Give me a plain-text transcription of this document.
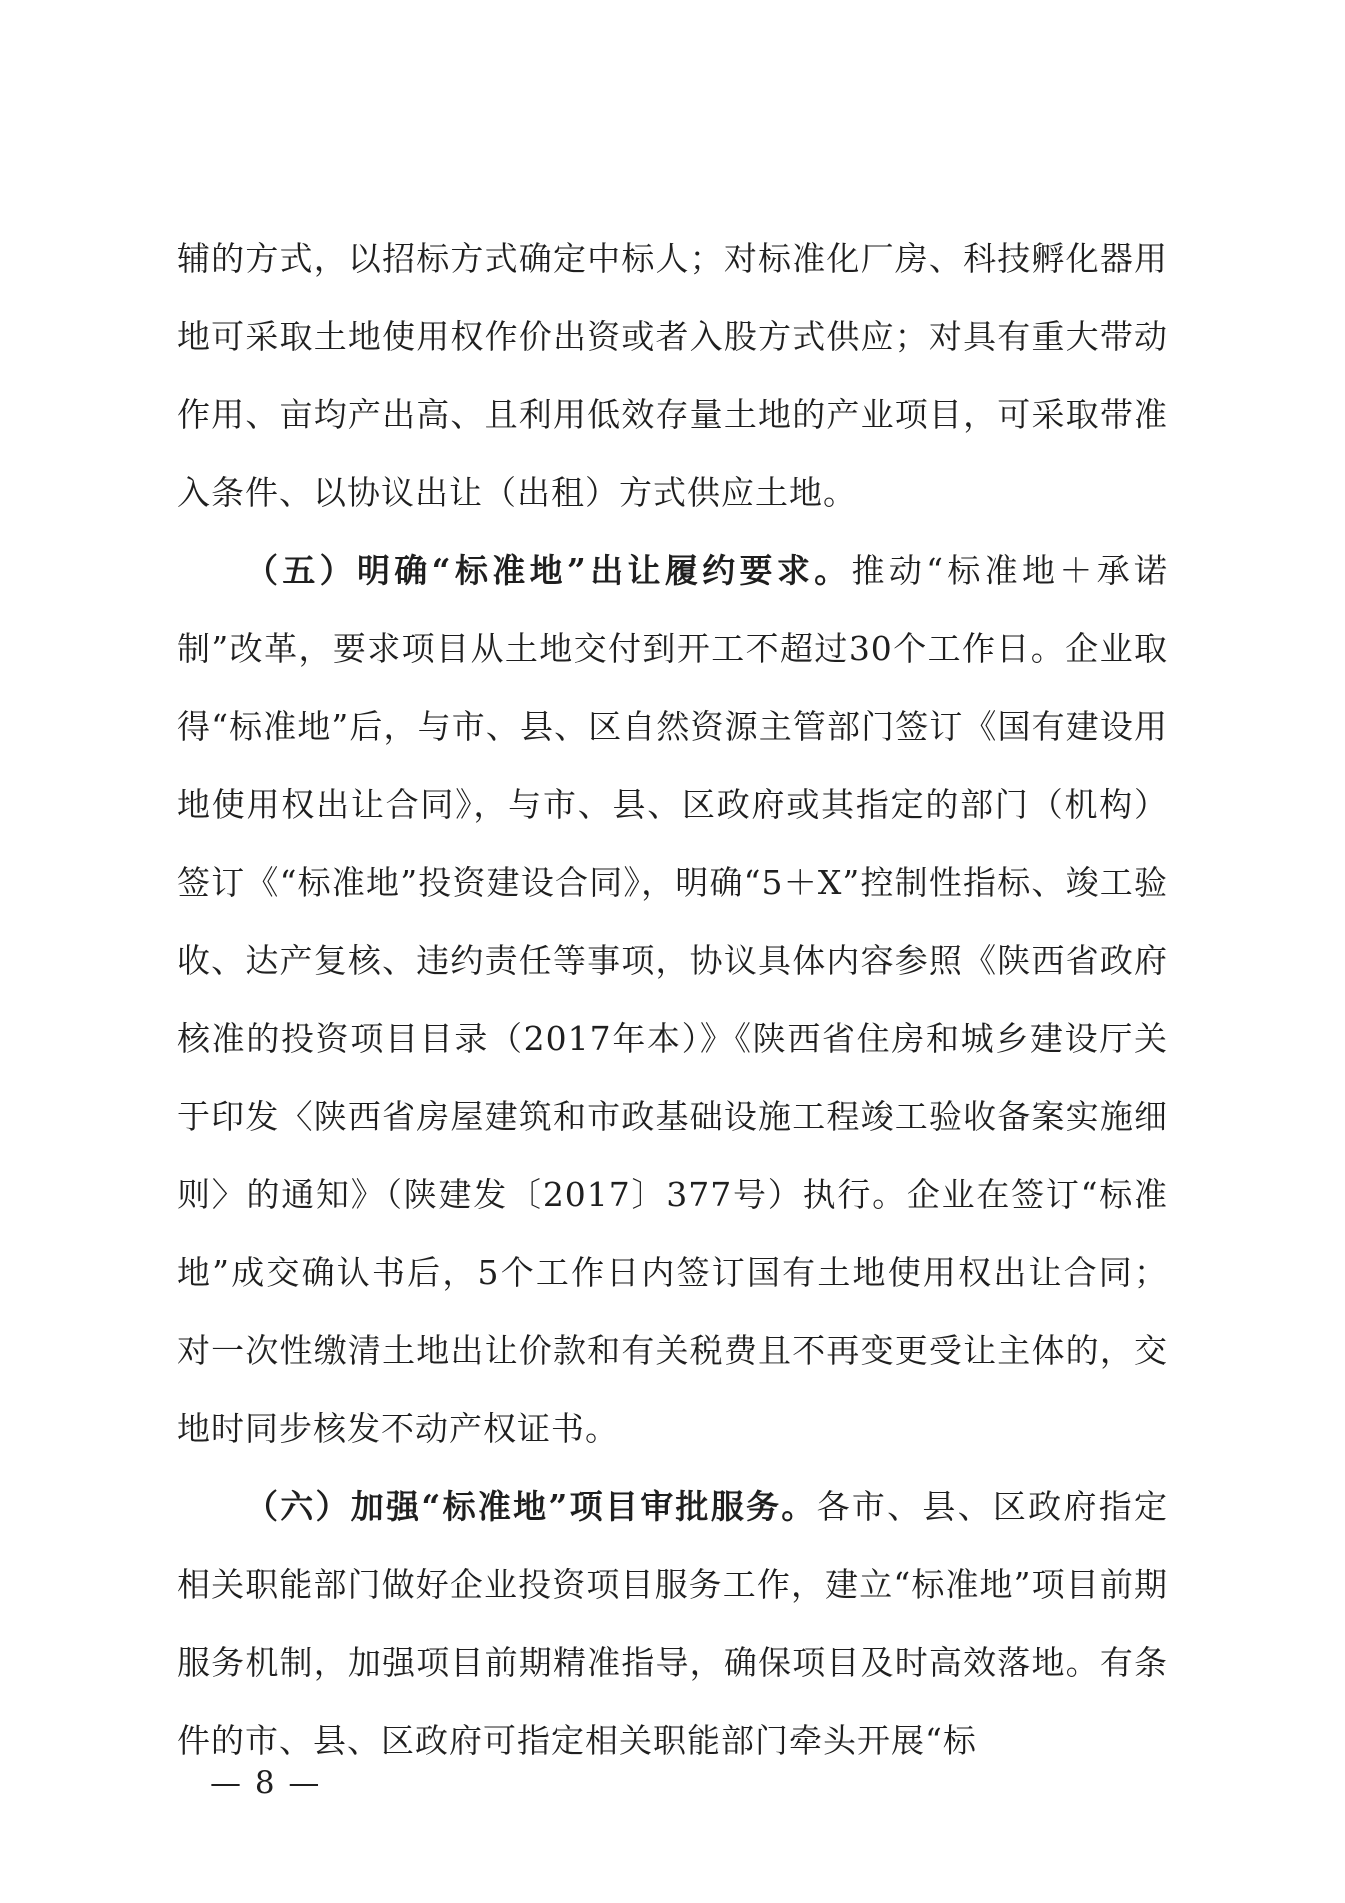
辅的方式，以招标方式确定中标人；对标准化厂房、科技孵化器用地可采取土地使用权作价出资或者入股方式供应；对具有重大带动作用、亩均产出高、且利用低效存量土地的产业项目，可采取带准入条件、以协议出让（出租）方式供应土地。

（五）明确“标准地”出让履约要求。推动“标准地＋承诺制”改革，要求项目从土地交付到开工不超过30个工作日。企业取得“标准地”后，与市、县、区自然资源主管部门签订《国有建设用地使用权出让合同》，与市、县、区政府或其指定的部门（机构）签订《“标准地”投资建设合同》，明确“5＋X”控制性指标、竣工验收、达产复核、违约责任等事项，协议具体内容参照《陕西省政府核准的投资项目目录（2017年本）》《陕西省住房和城乡建设厅关于印发〈陕西省房屋建筑和市政基础设施工程竣工验收备案实施细则〉的通知》（陕建发〔2017〕377号）执行。企业在签订“标准地”成交确认书后，5个工作日内签订国有土地使用权出让合同；对一次性缴清土地出让价款和有关税费且不再变更受让主体的，交地时同步核发不动产权证书。

（六）加强“标准地”项目审批服务。各市、县、区政府指定相关职能部门做好企业投资项目服务工作，建立“标准地”项目前期服务机制，加强项目前期精准指导，确保项目及时高效落地。有条件的市、县、区政府可指定相关职能部门牵头开展“标

— 8 —
